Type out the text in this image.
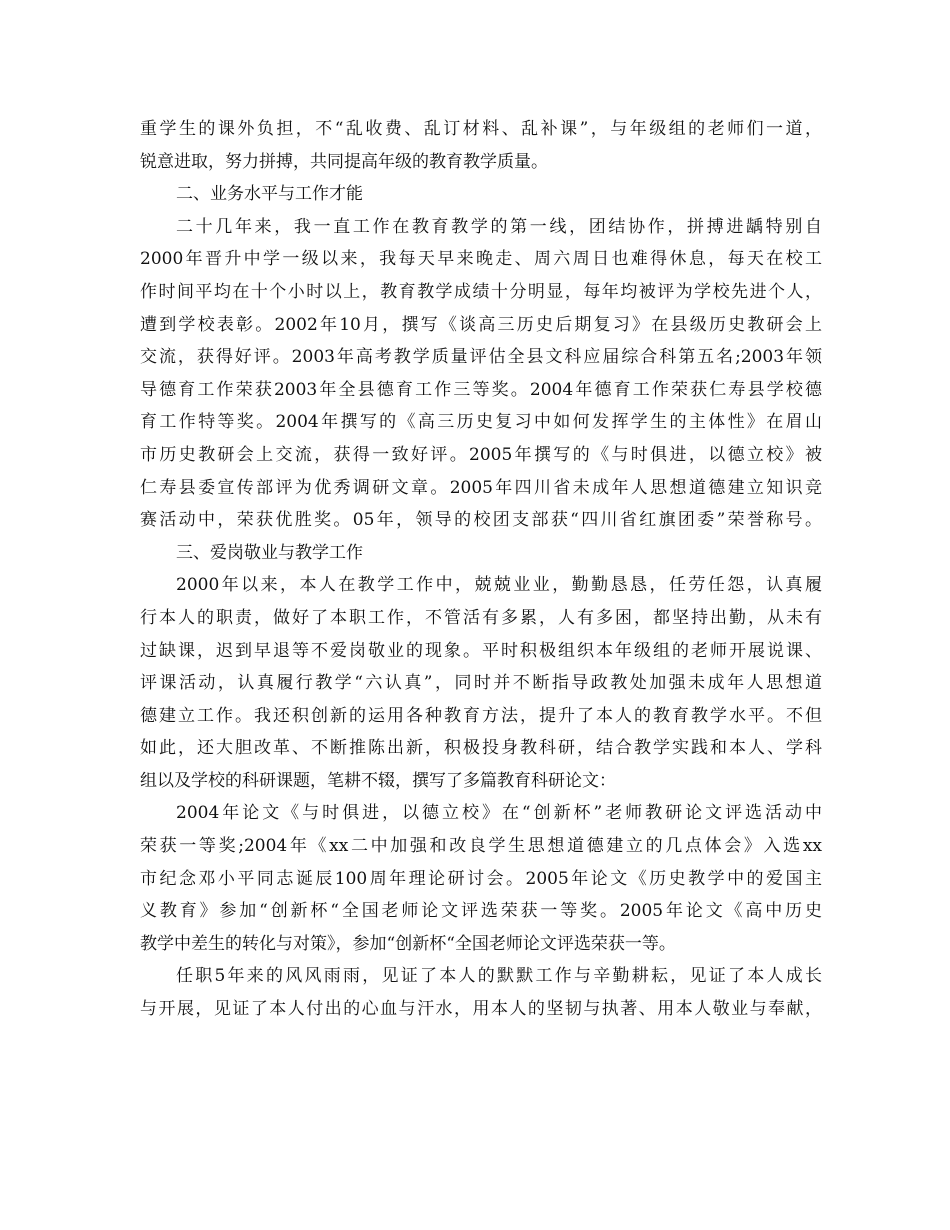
重学生的课外负担，不“乱收费、乱订材料、乱补课”，与年级组的老师们一道，
锐意进取，努力拼搏，共同提高年级的教育教学质量。
二、业务水平与工作才能
二十几年来，我一直工作在教育教学的第一线，团结协作，拼搏进龋特别自
2000年晋升中学一级以来，我每天早来晚走、周六周日也难得休息，每天在校工
作时间平均在十个小时以上，教育教学成绩十分明显，每年均被评为学校先进个人，
遭到学校表彰。2002年10月，撰写《谈高三历史后期复习》在县级历史教研会上
交流，获得好评。2003年高考教学质量评估全县文科应届综合科第五名;2003年领
导德育工作荣获2003年全县德育工作三等奖。2004年德育工作荣获仁寿县学校德
育工作特等奖。2004年撰写的《高三历史复习中如何发挥学生的主体性》在眉山
市历史教研会上交流，获得一致好评。2005年撰写的《与时俱进，以德立校》被
仁寿县委宣传部评为优秀调研文章。2005年四川省未成年人思想道德建立知识竞
赛活动中，荣获优胜奖。05年，领导的校团支部获“四川省红旗团委”荣誉称号。
三、爱岗敬业与教学工作
2000年以来，本人在教学工作中，兢兢业业，勤勤恳恳，任劳任怨，认真履
行本人的职责，做好了本职工作，不管活有多累，人有多困，都坚持出勤，从未有
过缺课，迟到早退等不爱岗敬业的现象。平时积极组织本年级组的老师开展说课、
评课活动，认真履行教学“六认真”，同时并不断指导政教处加强未成年人思想道
德建立工作。我还积创新的运用各种教育方法，提升了本人的教育教学水平。不但
如此，还大胆改革、不断推陈出新，积极投身教科研，结合教学实践和本人、学科
组以及学校的科研课题，笔耕不辍，撰写了多篇教育科研论文：
2004年论文《与时俱进，以德立校》在“创新杯”老师教研论文评选活动中
荣获一等奖;2004年《xx二中加强和改良学生思想道德建立的几点体会》入选xx
市纪念邓小平同志诞辰100周年理论研讨会。2005年论文《历史教学中的爱国主
义教育》参加“创新杯“全国老师论文评选荣获一等奖。2005年论文《高中历史
教学中差生的转化与对策》，参加“创新杯“全国老师论文评选荣获一等。
任职5年来的风风雨雨，见证了本人的默默工作与辛勤耕耘，见证了本人成长
与开展，见证了本人付出的心血与汗水，用本人的坚韧与执著、用本人敬业与奉献，
